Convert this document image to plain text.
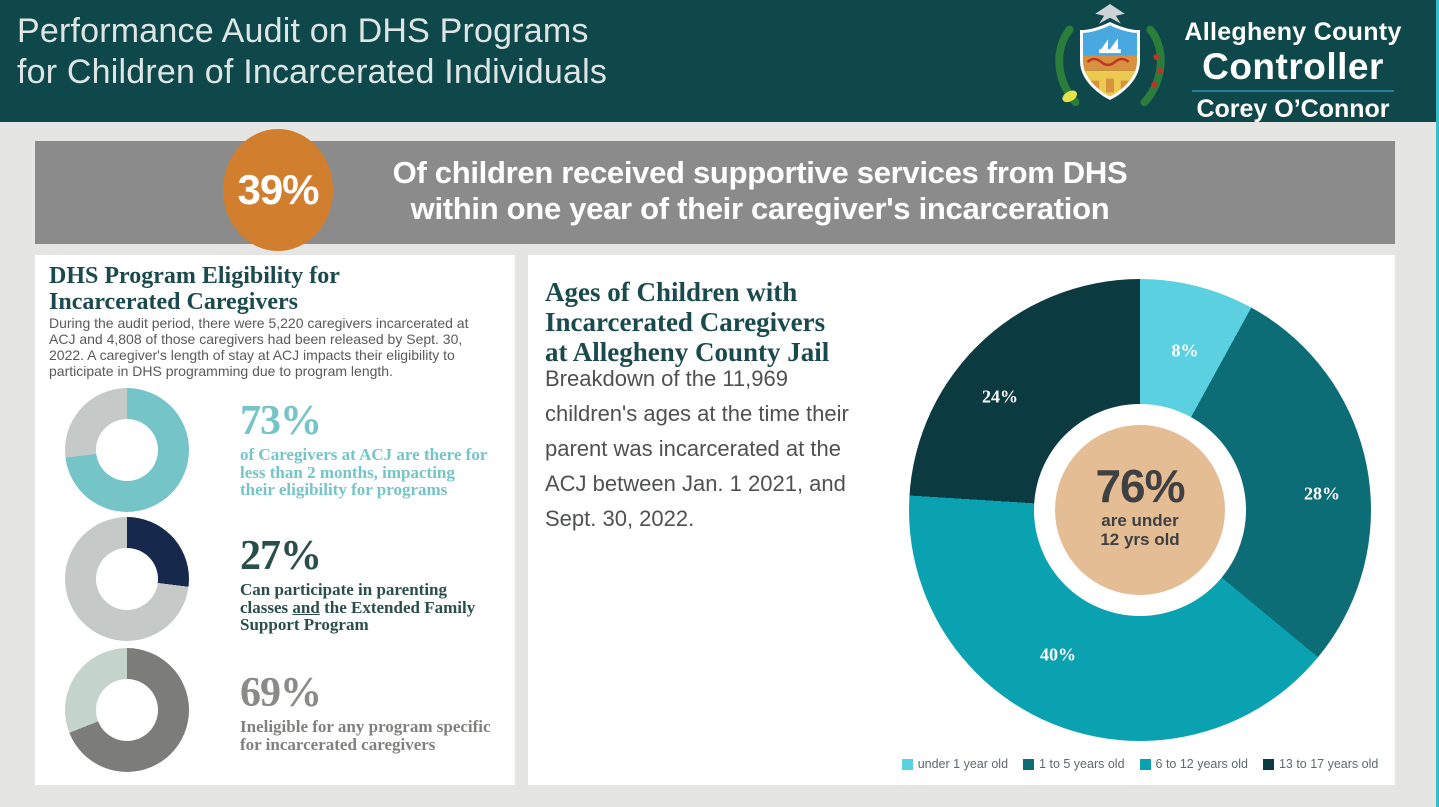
Performance Audit on DHS Programs
for Children of Incarcerated Individuals
Allegheny County
Controller
Corey O’Connor
39%	Of children received supportive services from DHS
within one year of their caregiver's incarceration
DHS Program Eligibility for
Incarcerated Caregivers
During the audit period, there were 5,220 caregivers incarcerated at
ACJ and 4,808 of those caregivers had been released by Sept. 30,
2022. A caregiver's length of stay at ACJ impacts their eligibility to
participate in DHS programming due to program length.
73%
of Caregivers at ACJ are there for
less than 2 months, impacting
their eligibility for programs
27%
Can participate in parenting
classes and the Extended Family
Support Program
69%
Ineligible for any program specific
for incarcerated caregivers
Ages of Children with
Incarcerated Caregivers
at Allegheny County Jail
Breakdown of the 11,969
children's ages at the time their
parent was incarcerated at the
ACJ between Jan. 1 2021, and
Sept. 30, 2022.
8%
28%
40%
24%
76%
are under
12 yrs old
under 1 year old 1 to 5 years old 6 to 12 years old 13 to 17 years old
